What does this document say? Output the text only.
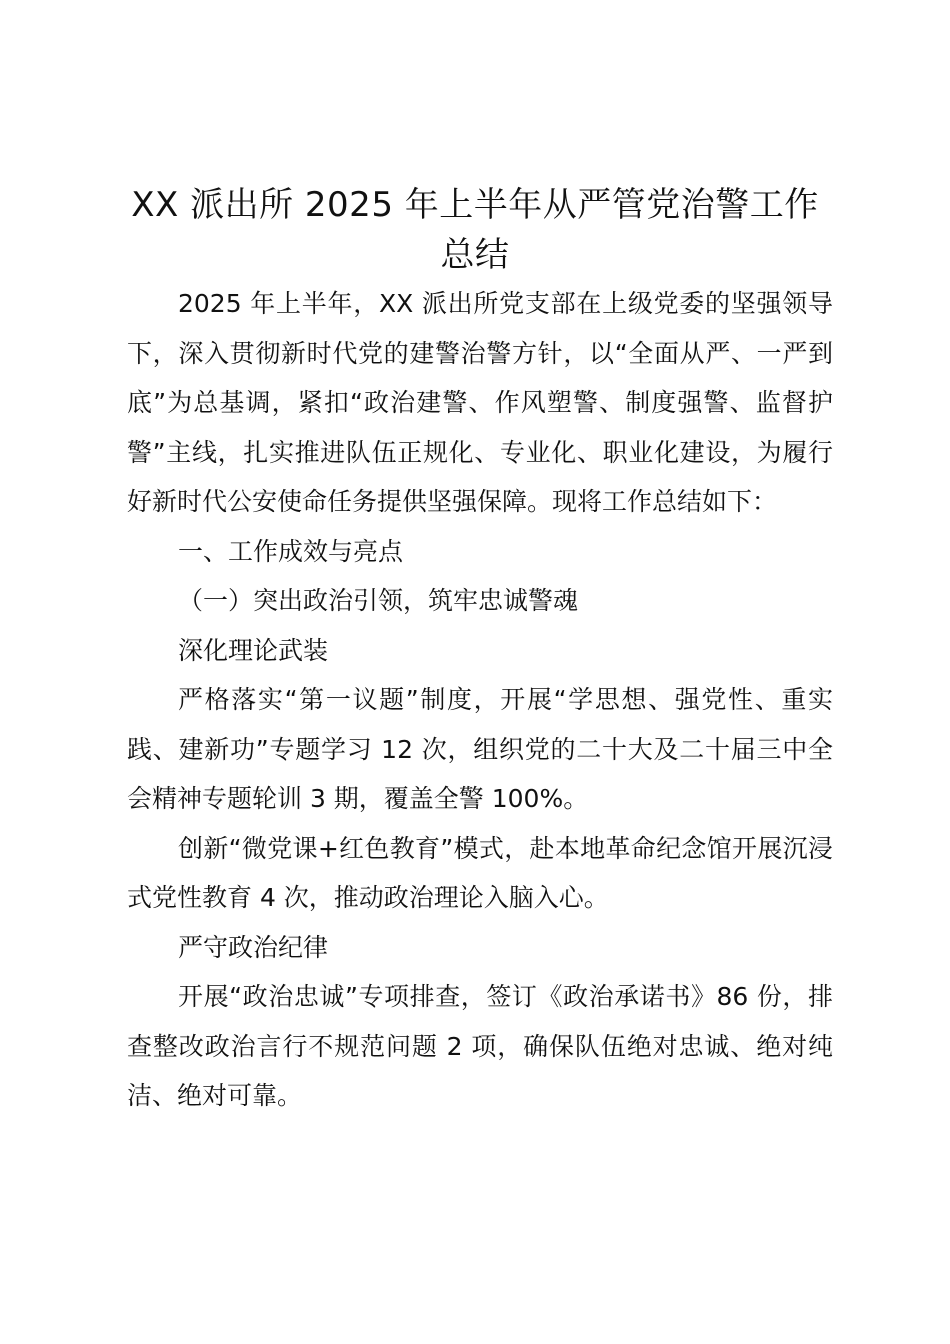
XX 派出所 2025 年上半年从严管党治警工作总结

2025 年上半年，XX 派出所党支部在上级党委的坚强领导下，深入贯彻新时代党的建警治警方针，以“全面从严、一严到底”为总基调，紧扣“政治建警、作风塑警、制度强警、监督护警”主线，扎实推进队伍正规化、专业化、职业化建设，为履行好新时代公安使命任务提供坚强保障。现将工作总结如下：

一、工作成效与亮点

（一）突出政治引领，筑牢忠诚警魂

深化理论武装

严格落实“第一议题”制度，开展“学思想、强党性、重实践、建新功”专题学习 12 次，组织党的二十大及二十届三中全会精神专题轮训 3 期，覆盖全警 100%。

创新“微党课+红色教育”模式，赴本地革命纪念馆开展沉浸式党性教育 4 次，推动政治理论入脑入心。

严守政治纪律

开展“政治忠诚”专项排查，签订《政治承诺书》86 份，排查整改政治言行不规范问题 2 项，确保队伍绝对忠诚、绝对纯洁、绝对可靠。
